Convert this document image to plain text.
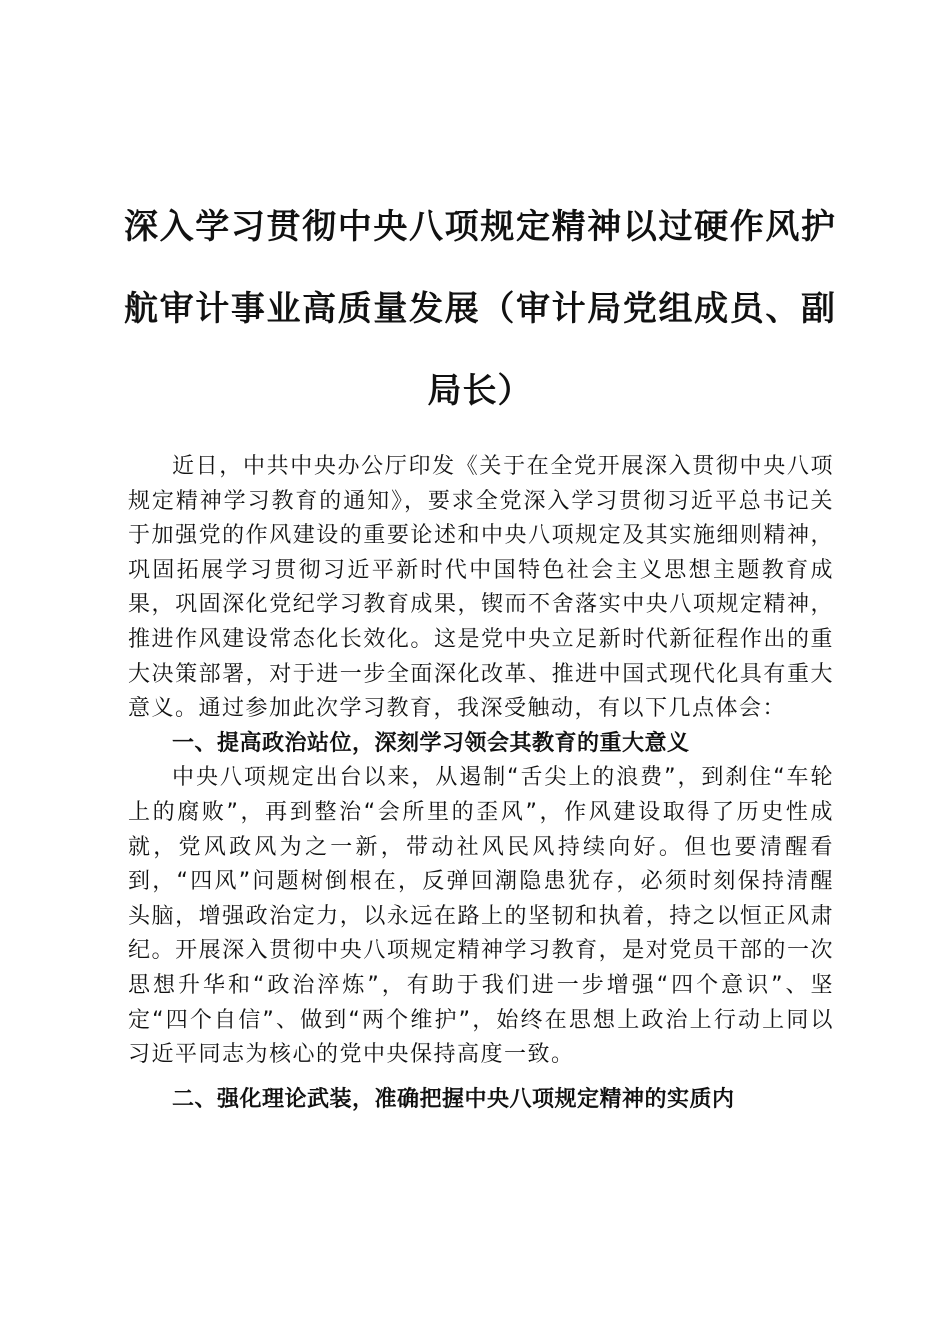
深入学习贯彻中央八项规定精神以过硬作风护航审计事业高质量发展（审计局党组成员、副局长）

近日，中共中央办公厅印发《关于在全党开展深入贯彻中央八项规定精神学习教育的通知》，要求全党深入学习贯彻习近平总书记关于加强党的作风建设的重要论述和中央八项规定及其实施细则精神，巩固拓展学习贯彻习近平新时代中国特色社会主义思想主题教育成果，巩固深化党纪学习教育成果，锲而不舍落实中央八项规定精神，推进作风建设常态化长效化。这是党中央立足新时代新征程作出的重大决策部署，对于进一步全面深化改革、推进中国式现代化具有重大意义。通过参加此次学习教育，我深受触动，有以下几点体会：

一、提高政治站位，深刻学习领会其教育的重大意义

中央八项规定出台以来，从遏制“舌尖上的浪费”，到刹住“车轮上的腐败”，再到整治“会所里的歪风”，作风建设取得了历史性成就，党风政风为之一新，带动社风民风持续向好。但也要清醒看到，“四风”问题树倒根在，反弹回潮隐患犹存，必须时刻保持清醒头脑，增强政治定力，以永远在路上的坚韧和执着，持之以恒正风肃纪。开展深入贯彻中央八项规定精神学习教育，是对党员干部的一次思想升华和“政治淬炼”，有助于我们进一步增强“四个意识”、坚定“四个自信”、做到“两个维护”，始终在思想上政治上行动上同以习近平同志为核心的党中央保持高度一致。

二、强化理论武装，准确把握中央八项规定精神的实质内
